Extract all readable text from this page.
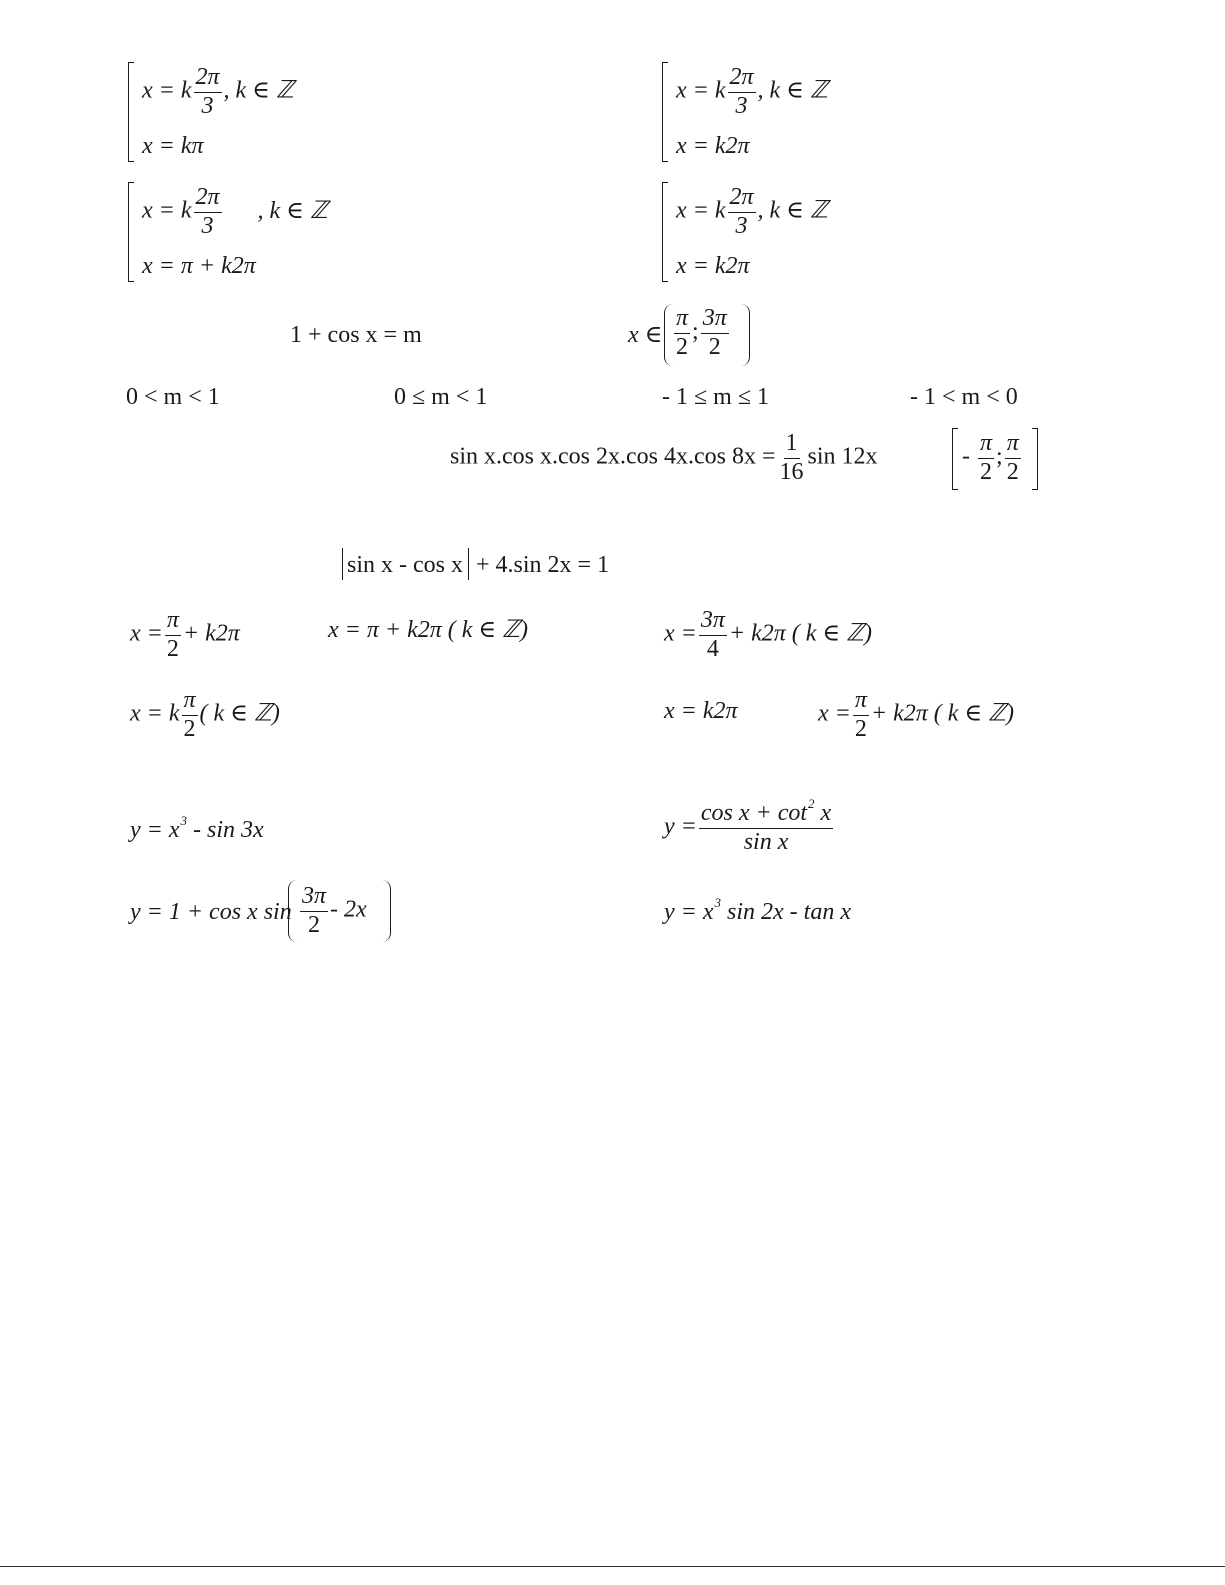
x = k $\frac{2\pi}{3}$ , k ∈ ℤ
x = kπ
x = k $\frac{2\pi}{3}$ , k ∈ ℤ
x = k2π
x = k $\frac{2\pi}{3}$ , k ∈ ℤ
x = π + k2π
x = k $\frac{2\pi}{3}$ , k ∈ ℤ
x = k2π
1 + cos x = m	x ∈ $\frac{\pi}{2}$ ; $\frac{3\pi}{2}$
0 < m < 1	0 ≤ m < 1	- 1 ≤ m ≤ 1	- 1 < m < 0
sin x.cos x.cos 2x.cos 4x.cos $8x = \frac{1}{16}$ sin 12x	- $\frac{\pi}{2}$ ; $\frac{\pi}{2}$
sin x - cos x + 4.sin 2x = 1
$x = \frac{\pi}{2} + k2\pi$	x = π + k2π ( k ∈ ℤ)	$x = \frac{3\pi}{4} + k2\pi$ ( k ∈ ℤ)
x = k $\frac{\pi}{2}$ ( k ∈ ℤ)	x = k2π	$x = \frac{\pi}{2} + k2\pi$ ( k ∈ ℤ)
$y = x^3 - \sin 3x$	$y = \frac{\cos x + \cot^2 x}{\text{sin x}}$
y = 1 + cos x $\sin \frac{3\pi}{2} - 2x$	$y = x^3$ sin 2x - tan x
